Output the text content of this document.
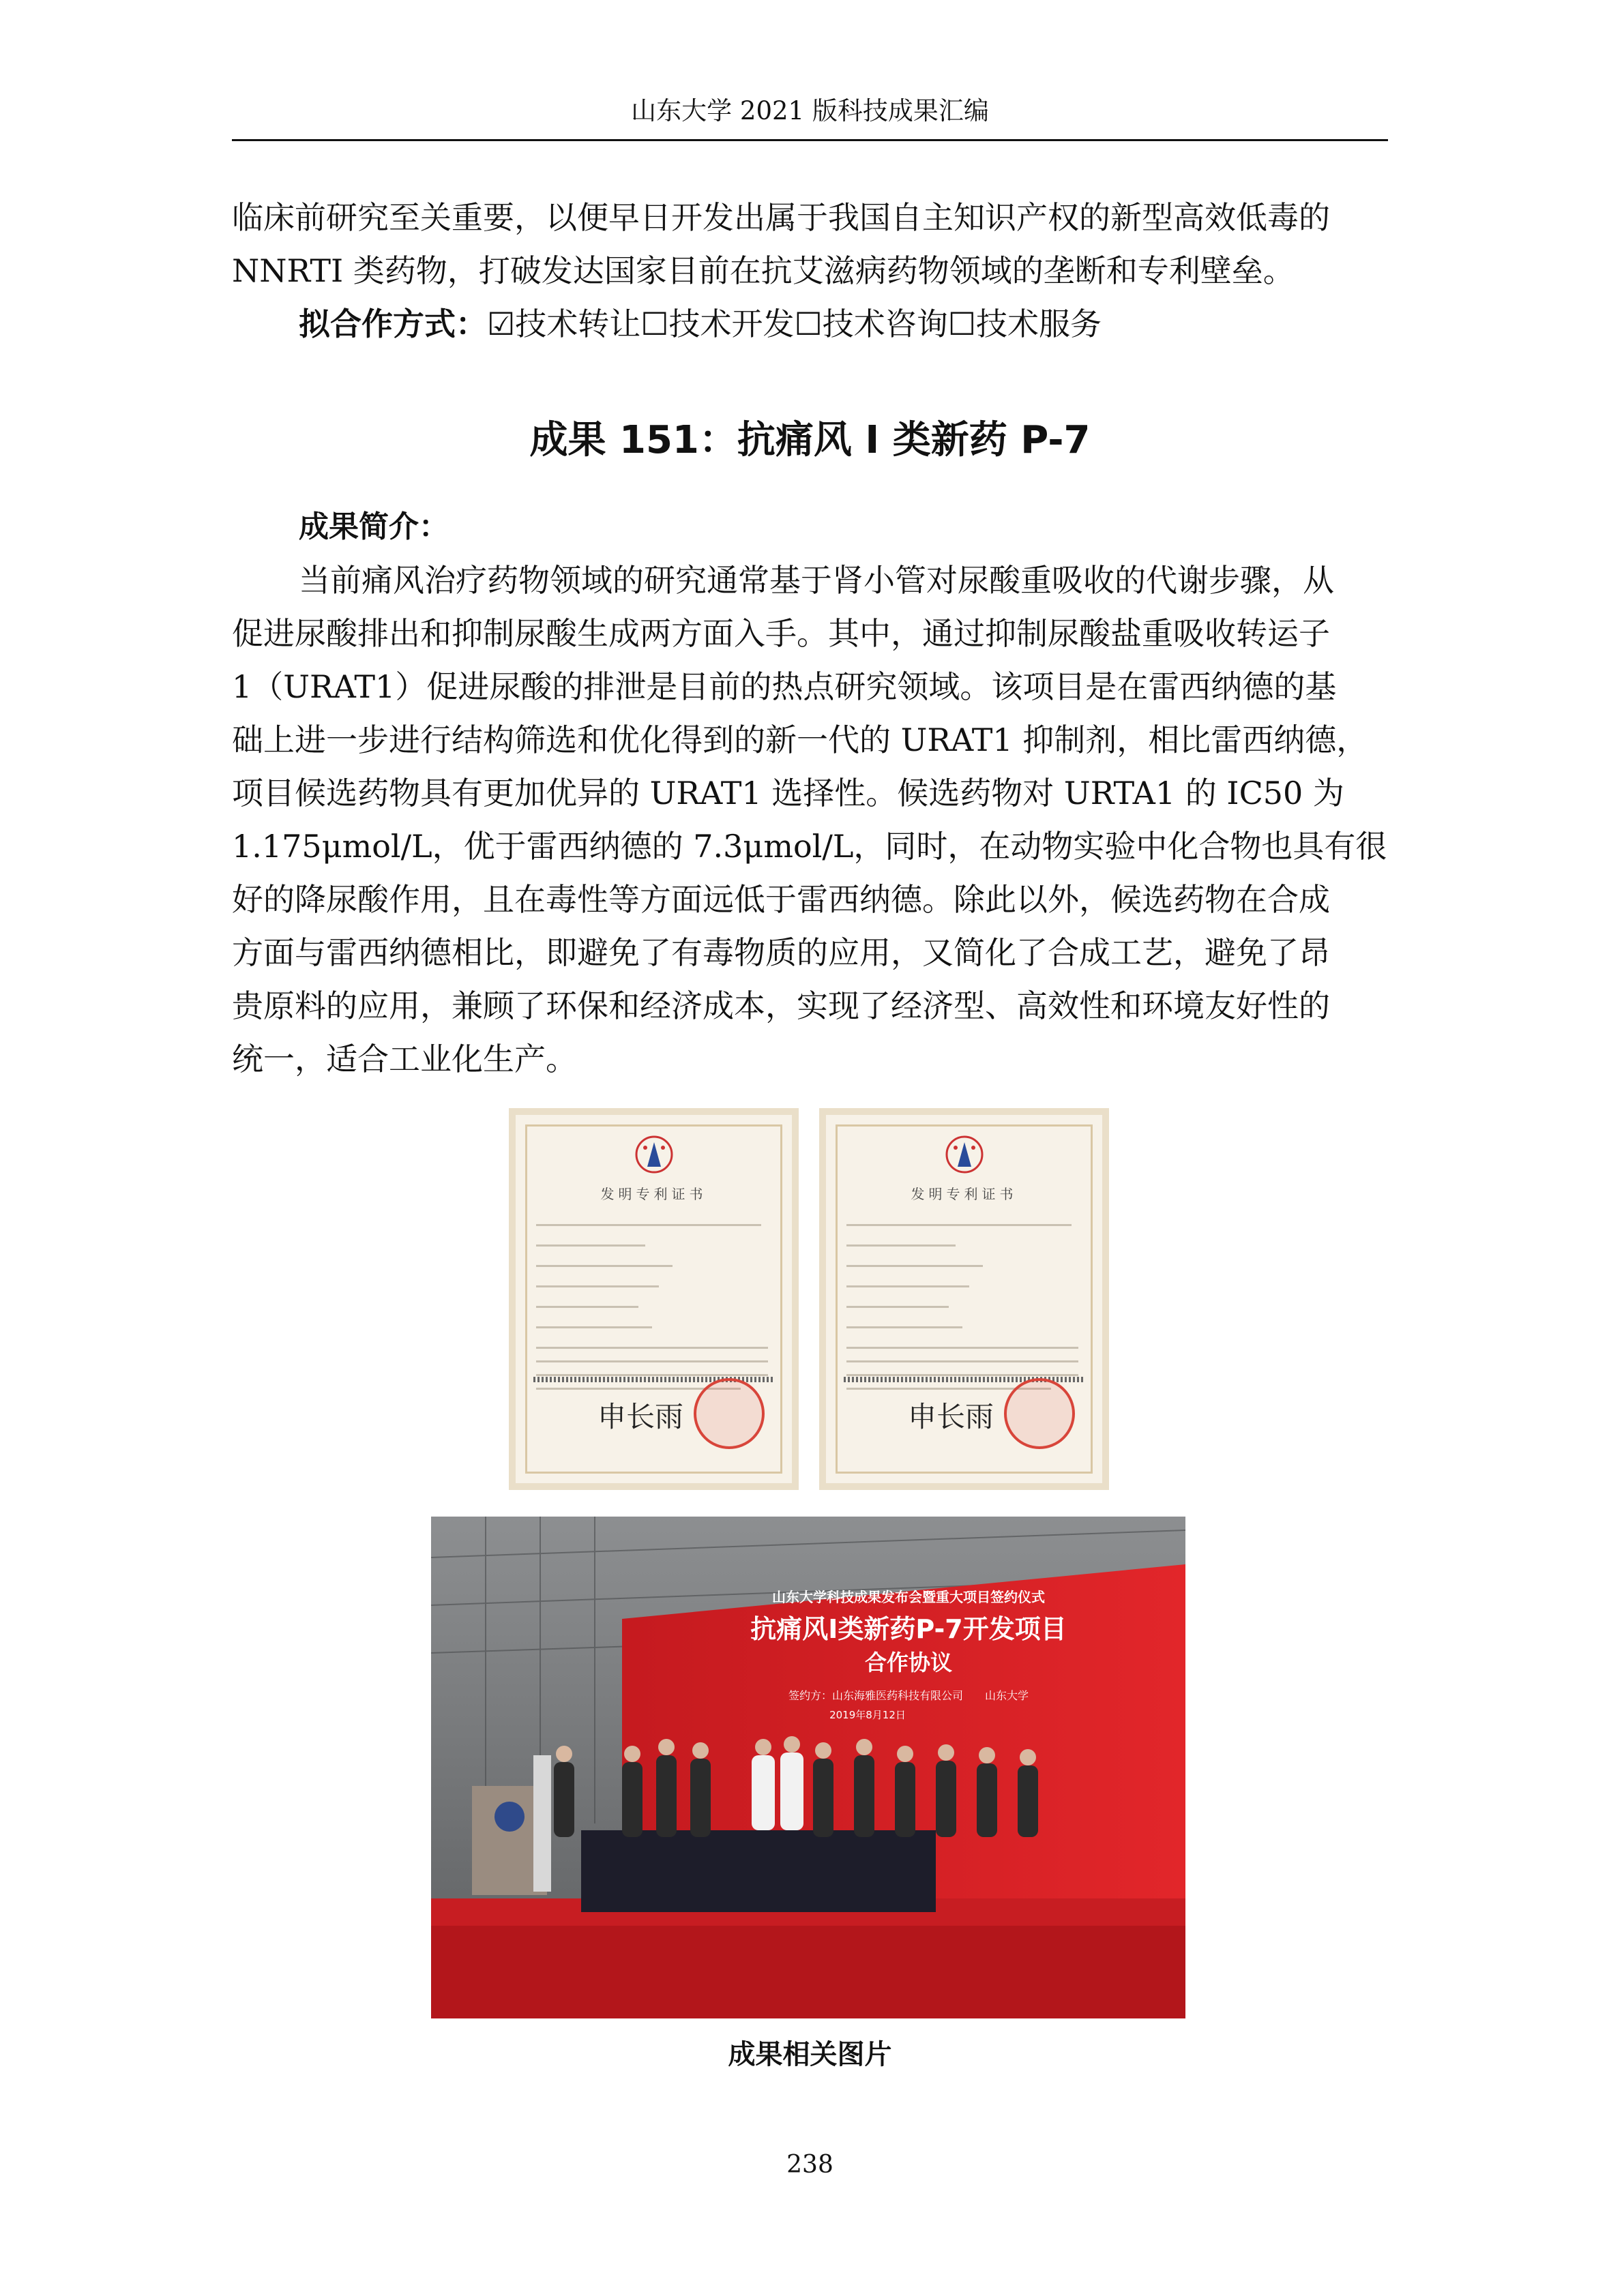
山东大学 2021 版科技成果汇编
临床前研究至关重要，以便早日开发出属于我国自主知识产权的新型高效低毒的
NNRTI 类药物，打破发达国家目前在抗艾滋病药物领域的垄断和专利壁垒。
拟合作方式：☑技术转让☐技术开发☐技术咨询☐技术服务
成果 151：抗痛风 I 类新药 P-7
成果简介：
当前痛风治疗药物领域的研究通常基于肾小管对尿酸重吸收的代谢步骤，从
促进尿酸排出和抑制尿酸生成两方面入手。其中，通过抑制尿酸盐重吸收转运子
1（URAT1）促进尿酸的排泄是目前的热点研究领域。该项目是在雷西纳德的基
础上进一步进行结构筛选和优化得到的新一代的 URAT1 抑制剂，相比雷西纳德，
项目候选药物具有更加优异的 URAT1 选择性。候选药物对 URTA1 的 IC50 为
1.175μmol/L，优于雷西纳德的 7.3μmol/L，同时，在动物实验中化合物也具有很
好的降尿酸作用，且在毒性等方面远低于雷西纳德。除此以外，候选药物在合成
方面与雷西纳德相比，即避免了有毒物质的应用，又简化了合成工艺，避免了昂
贵原料的应用，兼顾了环保和经济成本，实现了经济型、高效性和环境友好性的
统一，适合工业化生产。
发明专利证书
申长雨
发明专利证书
申长雨
山东大学科技成果发布会暨重大项目签约仪式
抗痛风I类新药P-7开发项目
合作协议
签约方：山东海雅医药科技有限公司　　山东大学
2019年8月12日
成果相关图片
238
